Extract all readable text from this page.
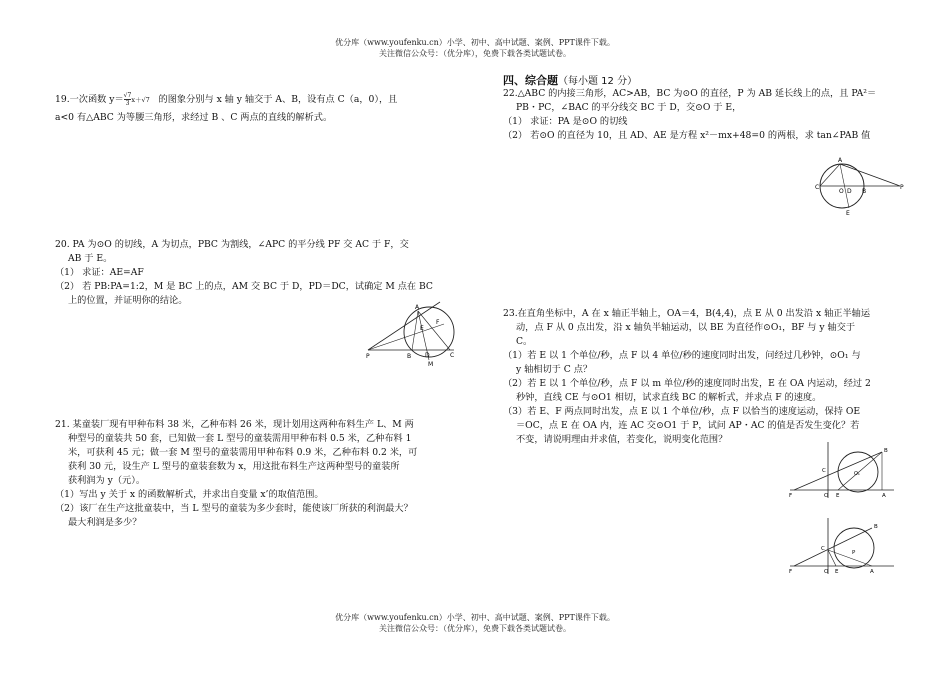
优分库（www.youfenku.cn）小学、初中、高中试题、案例、PPT课件下载。
关注微信公众号：（优分库），免费下载各类试题试卷。

19.一次函数 $y= \frac{√7}{3} x+√7$ 的图象分别与 x 轴 y 轴交于 A、B，设有点 C（a，0），且

a<0 有△ABC 为等腰三角形，求经过 B 、C 两点的直线的解析式。

20. PA 为⊙O 的切线，A 为切点，PBC 为割线，∠APC 的平分线 PF 交 AC 于 F，交

AB 于 E。

（1） 求证：AE=AF

（2） 若 PB:PA=1:2，M 是 BC 上的点，AM 交 BC 于 D，PD＝DC，试确定 M 点在 BC

上的位置，并证明你的结论。

A
E
F
P	B D	C
M

21. 某童装厂现有甲种布料 38 米，乙种布料 26 米，现计划用这两种布料生产 L、M 两

种型号的童装共 50 套，已知做一套 L 型号的童装需用甲种布料 0.5 米，乙种布料 1

米，可获利 45 元；做一套 M 型号的童装需用甲种布料 0.9 米，乙种布料 0.2 米，可

获利 30 元，设生产 L 型号的童装套数为 x，用这批布料生产这两种型号的童装所

获利润为 y（元）。

（1）写出 y 关于 x 的函数解析式，并求出自变量 x’的取值范围。

（2）该厂在生产这批童装中，当 L 型号的童装为多少套时，能使该厂所获的利润最大？

最大利润是多少？

四、综合题（每小题 12 分）

22.△ABC 的内接三角形，AC>AB，BC 为⊙O 的直径，P 为 AB 延长线上的点，且 PA²＝

PB・PC，∠BAC 的平分线交 BC 于 D，交⊙O 于 E，

（1） 求证：PA 是⊙O 的切线

（2） 若⊙O 的直径为 10，且 AD、AE 是方程 x²－mx+48=0 的两根，求 tan∠PAB 值

A
C
O D B
P
E

23.在直角坐标中，A 在 x 轴正半轴上，OA＝4，B(4,4)，点 E 从 0 出发沿 x 轴正半轴运

动，点 F 从 0 点出发，沿 x 轴负半轴运动，以 BE 为直径作⊙O₁，BF 与 y 轴交于

C。

（1）若 E 以 1 个单位/秒，点 F 以 4 单位/秒的速度同时出发，问经过几秒钟，⊙O₁ 与

y 轴相切于 C 点？

（2）若 E 以 1 个单位/秒，点 F 以 m 单位/秒的速度同时出发，E 在 OA 内运动，经过 2

秒钟，直线 CE 与⊙O1 相切，试求直线 BC 的解析式，并求点 F 的速度。

（3）若 E、F 两点同时出发，点 E 以 1 个单位/秒，点 F 以恰当的速度运动，保持 OE

＝OC，点 E 在 OA 内，连 AC 交⊙O1 于 P，试问 AP・AC 的值是否发生变化？若

不变，请说明理由并求值，若变化，说明变化范围？

C
B
O₁
F	O E	A
C
P
B
F	O E	A
优分库（www.youfenku.cn）小学、初中、高中试题、案例、PPT课件下载。
关注微信公众号：（优分库），免费下载各类试题试卷。
